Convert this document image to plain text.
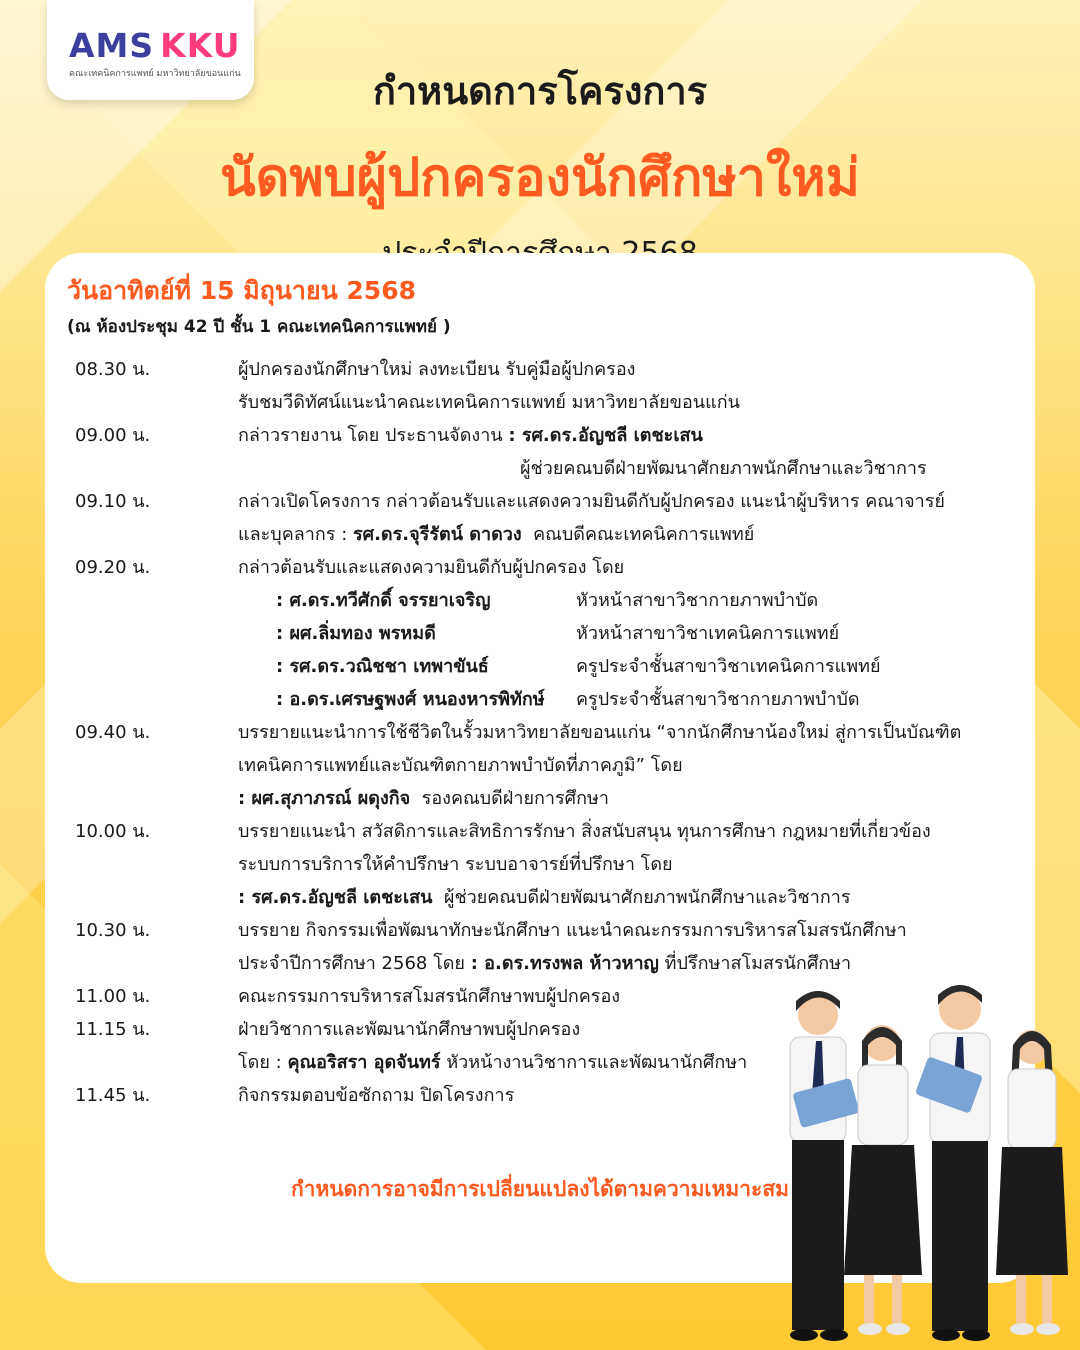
AMS KKU
คณะเทคนิคการแพทย์ มหาวิทยาลัยขอนแก่น	กำหนดการโครงการ
นัดพบผู้ปกครองนักศึกษาใหม่
วันอาทิตย์ที่ 15 มิถุนายน 2568
(ณ ห้องประชุม 42 ปี ชั้น 1 คณะเทคนิคการแพทย์ )
08.30 น.	ผู้ปกครองนักศึกษาใหม่ ลงทะเบียน รับคู่มือผู้ปกครอง
รับชมวีดิทัศน์แนะนำคณะเทคนิคการแพทย์ มหาวิทยาลัยขอนแก่น
09.00 น.	กล่าวรายงาน โดย ประธานจัดงาน : รศ.ดร.อัญชลี เตชะเสน
ผู้ช่วยคณบดีฝ่ายพัฒนาศักยภาพนักศึกษาและวิชาการ
09.10 น.	กล่าวเปิดโครงการ กล่าวต้อนรับและแสดงความยินดีกับผู้ปกครอง แนะนำผู้บริหาร คณาจารย์
และบุคลากร : รศ.ดร.จุรีรัตน์ ดาดวง คณบดีคณะเทคนิคการแพทย์
09.20 น.	กล่าวต้อนรับและแสดงความยินดีกับผู้ปกครอง โดย
: ศ.ดร.ทวีศักดิ์ จรรยาเจริญ	หัวหน้าสาขาวิชากายภาพบำบัด
: ผศ.ลิ่มทอง พรหมดี	หัวหน้าสาขาวิชาเทคนิคการแพทย์
: รศ.ดร.วณิชชา เทพาขันธ์	ครูประจำชั้นสาขาวิชาเทคนิคการแพทย์
: อ.ดร.เศรษฐพงศ์ หนองหารพิทักษ์	ครูประจำชั้นสาขาวิชากายภาพบำบัด
09.40 น.	บรรยายแนะนำการใช้ชีวิตในรั้วมหาวิทยาลัยขอนแก่น “จากนักศึกษาน้องใหม่ สู่การเป็นบัณฑิต
เทคนิคการแพทย์และบัณฑิตกายภาพบำบัดที่ภาคภูมิ” โดย
: ผศ.สุภาภรณ์ ผดุงกิจ รองคณบดีฝ่ายการศึกษา
10.00 น.	บรรยายแนะนำ สวัสดิการและสิทธิการรักษา สิ่งสนับสนุน ทุนการศึกษา กฎหมายที่เกี่ยวข้อง
ระบบการบริการให้คำปรึกษา ระบบอาจารย์ที่ปรึกษา โดย
: รศ.ดร.อัญชลี เตชะเสน ผู้ช่วยคณบดีฝ่ายพัฒนาศักยภาพนักศึกษาและวิชาการ
10.30 น.	บรรยาย กิจกรรมเพื่อพัฒนาทักษะนักศึกษา แนะนำคณะกรรมการบริหารสโมสรนักศึกษา
ประจำปีการศึกษา 2568 โดย : อ.ดร.ทรงพล ห้าวหาญ ที่ปรึกษาสโมสรนักศึกษา
11.00 น.	คณะกรรมการบริหารสโมสรนักศึกษาพบผู้ปกครอง
11.15 น.	ฝ่ายวิชาการและพัฒนานักศึกษาพบผู้ปกครอง
โดย : คุณอริสรา อุดจันทร์ หัวหน้างานวิชาการและพัฒนานักศึกษา
11.45 น.	กิจกรรมตอบข้อซักถาม ปิดโครงการ
กำหนดการอาจมีการเปลี่ยนแปลงได้ตามความเหมาะสม
